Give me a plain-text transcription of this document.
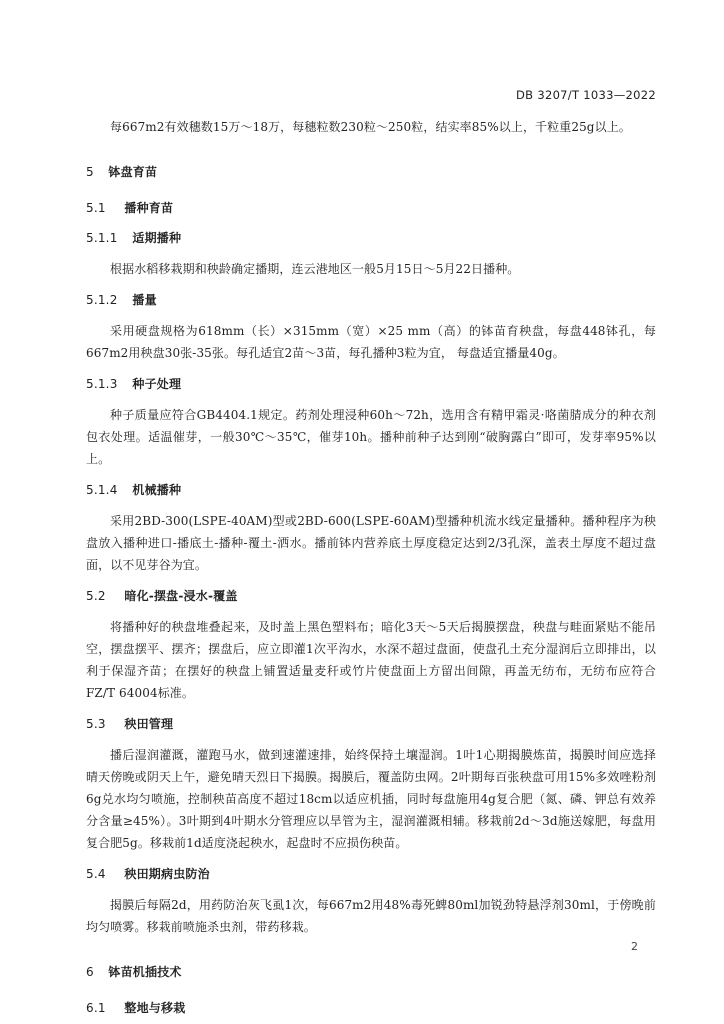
DB 3207/T 1033—2022

每667m2有效穗数15万～18万，每穗粒数230粒～250粒，结实率85%以上，千粒重25g以上。

5 钵盘育苗
5.1 播种育苗
5.1.1 适期播种

根据水稻移栽期和秧龄确定播期，连云港地区一般5月15日～5月22日播种。

5.1.2 播量

采用硬盘规格为618mm（长）×315mm（宽）×25 mm（高）的钵苗育秧盘，每盘448钵孔，每667m2用秧盘30张-35张。每孔适宜2苗～3苗，每孔播种3粒为宜， 每盘适宜播量40g。

5.1.3 种子处理

种子质量应符合GB4404.1规定。药剂处理浸种60h～72h，选用含有精甲霜灵·咯菌腈成分的种衣剂包衣处理。适温催芽，一般30℃～35℃，催芽10h。播种前种子达到刚“破胸露白”即可，发芽率95%以上。

5.1.4 机械播种

采用2BD-300(LSPE-40AM)型或2BD-600(LSPE-60AM)型播种机流水线定量播种。播种程序为秧盘放入播种进口-播底土-播种-覆土-洒水。播前钵内营养底土厚度稳定达到2/3孔深，盖表土厚度不超过盘面，以不见芽谷为宜。

5.2 暗化-摆盘-浸水-覆盖

将播种好的秧盘堆叠起来，及时盖上黑色塑料布；暗化3天～5天后揭膜摆盘，秧盘与畦面紧贴不能吊空，摆盘摆平、摆齐；摆盘后，应立即灌1次平沟水，水深不超过盘面，使盘孔土充分湿润后立即排出，以利于保湿齐苗；在摆好的秧盘上铺置适量麦秆或竹片使盘面上方留出间隙，再盖无纺布，无纺布应符合FZ/T 64004标准。

5.3 秧田管理

播后湿润灌溉，灌跑马水，做到速灌速排，始终保持土壤湿润。1叶1心期揭膜炼苗，揭膜时间应选择晴天傍晚或阴天上午，避免晴天烈日下揭膜。揭膜后，覆盖防虫网。2叶期每百张秧盘可用15%多效唑粉剂6g兑水均匀喷施，控制秧苗高度不超过18cm以适应机插，同时每盘施用4g复合肥（氮、磷、钾总有效养分含量≥45%）。3叶期到4叶期水分管理应以旱管为主，湿润灌溉相辅。移栽前2d～3d施送嫁肥，每盘用复合肥5g。移栽前1d适度浇起秧水，起盘时不应损伤秧苗。

5.4 秧田期病虫防治

揭膜后每隔2d，用药防治灰飞虱1次，每667m2用48%毒死蜱80ml加锐劲特悬浮剂30ml，于傍晚前均匀喷雾。移栽前喷施杀虫剂，带药移栽。

6 钵苗机插技术
6.1 整地与移栽
2
